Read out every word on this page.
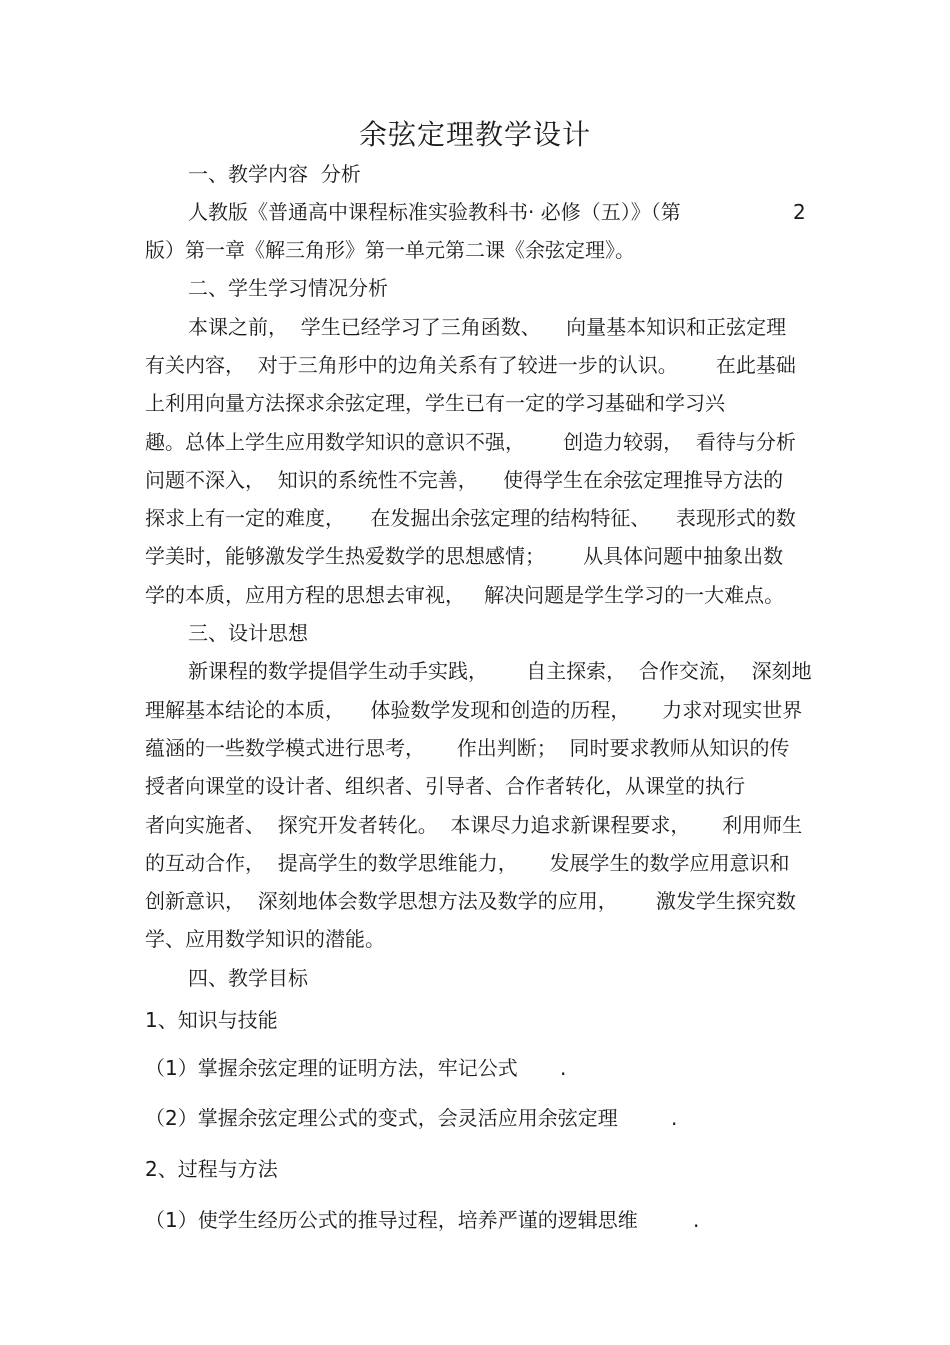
余弦定理教学设计
一、教学内容  分析
人教版《普通高中课程标准实验教科书· 必修（五）》（第	2
版）第一章《解三角形》第一单元第二课《余弦定理》。
二、学生学习情况分析
本课之前，  学生已经学习了三角函数、    向量基本知识和正弦定理
有关内容，  对于三角形中的边角关系有了较进一步的认识。      在此基础
上利用向量方法探求余弦定理，学生已有一定的学习基础和学习兴
趣。总体上学生应用数学知识的意识不强，      创造力较弱，  看待与分析
问题不深入，  知识的系统性不完善，    使得学生在余弦定理推导方法的
探求上有一定的难度，    在发掘出余弦定理的结构特征、    表现形式的数
学美时，能够激发学生热爱数学的思想感情；      从具体问题中抽象出数
学的本质，应用方程的思想去审视，   解决问题是学生学习的一大难点。
三、设计思想
新课程的数学提倡学生动手实践，      自主探索，  合作交流，  深刻地
理解基本结论的本质，    体验数学发现和创造的历程，     力求对现实世界
蕴涵的一些数学模式进行思考，     作出判断；  同时要求教师从知识的传
授者向课堂的设计者、组织者、引导者、合作者转化，从课堂的执行
者向实施者、  探究开发者转化。  本课尽力追求新课程要求，     利用师生
的互动合作，  提高学生的数学思维能力，     发展学生的数学应用意识和
创新意识，  深刻地体会数学思想方法及数学的应用，      激发学生探究数
学、应用数学知识的潜能。
四、教学目标
1、知识与技能
（1）掌握余弦定理的证明方法，牢记公式 .
（2）掌握余弦定理公式的变式，会灵活应用余弦定理	.
2、过程与方法
（1）使学生经历公式的推导过程，培养严谨的逻辑思维	.
